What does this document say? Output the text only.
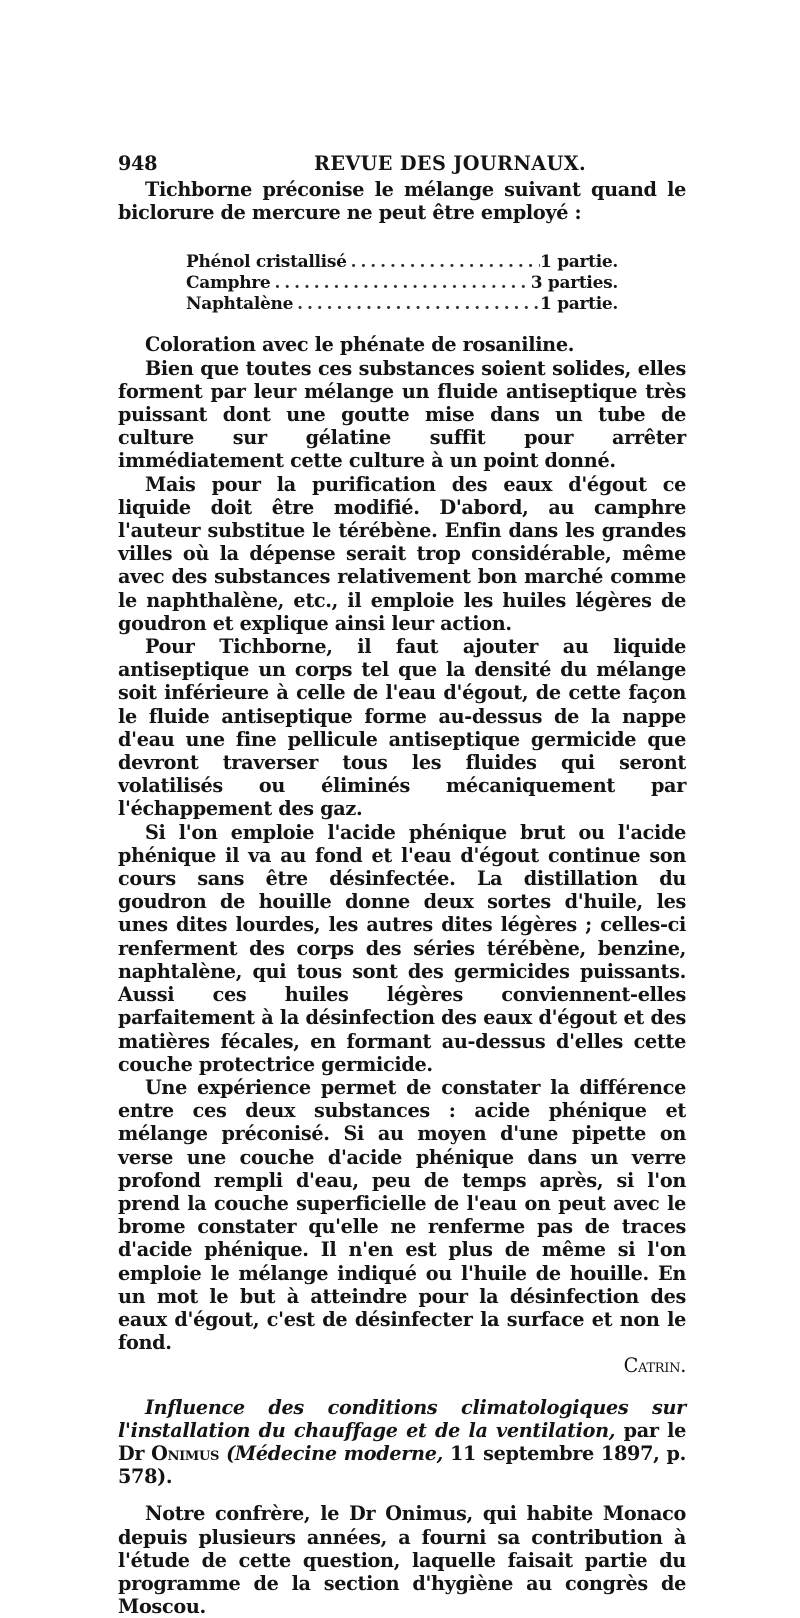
948	REVUE DES JOURNAUX.

Tichborne préconise le mélange suivant quand le biclorure de mercure ne peut être employé :

Phénol cristallisé . . .	1 partie.
Camphre . . .	3 parties.
Naphtalène . . .	1 partie.

Coloration avec le phénate de rosaniline.

Bien que toutes ces substances soient solides, elles forment par leur mélange un fluide antiseptique très puissant dont une goutte mise dans un tube de culture sur gélatine suffit pour arrêter immédiatement cette culture à un point donné.

Mais pour la purification des eaux d'égout ce liquide doit être modifié. D'abord, au camphre l'auteur substitue le térébène. Enfin dans les grandes villes où la dépense serait trop considérable, même avec des substances relativement bon marché comme le naphthalène, etc., il emploie les huiles légères de goudron et explique ainsi leur action.

Pour Tichborne, il faut ajouter au liquide antiseptique un corps tel que la densité du mélange soit inférieure à celle de l'eau d'égout, de cette façon le fluide antiseptique forme au-dessus de la nappe d'eau une fine pellicule antiseptique germicide que devront traverser tous les fluides qui seront volatilisés ou éliminés mécaniquement par l'échappement des gaz.

Si l'on emploie l'acide phénique brut ou l'acide phénique il va au fond et l'eau d'égout continue son cours sans être désinfectée. La distillation du goudron de houille donne deux sortes d'huile, les unes dites lourdes, les autres dites légères ; celles-ci renferment des corps des séries térébène, benzine, naphtalène, qui tous sont des germicides puissants. Aussi ces huiles légères conviennent-elles parfaitement à la désinfection des eaux d'égout et des matières fécales, en formant au-dessus d'elles cette couche protectrice germicide.

Une expérience permet de constater la différence entre ces deux substances : acide phénique et mélange préconisé. Si au moyen d'une pipette on verse une couche d'acide phénique dans un verre profond rempli d'eau, peu de temps après, si l'on prend la couche superficielle de l'eau on peut avec le brome constater qu'elle ne renferme pas de traces d'acide phénique. Il n'en est plus de même si l'on emploie le mélange indiqué ou l'huile de houille. En un mot le but à atteindre pour la désinfection des eaux d'égout, c'est de désinfecter la surface et non le fond.

Catrin.

Influence des conditions climatologiques sur l'installation du chauffage et de la ventilation, par le Dr Onimus (Médecine moderne, 11 septembre 1897, p. 578).

Notre confrère, le Dr Onimus, qui habite Monaco depuis plusieurs années, a fourni sa contribution à l'étude de cette question, laquelle faisait partie du programme de la section d'hygiène au congrès de Moscou.
